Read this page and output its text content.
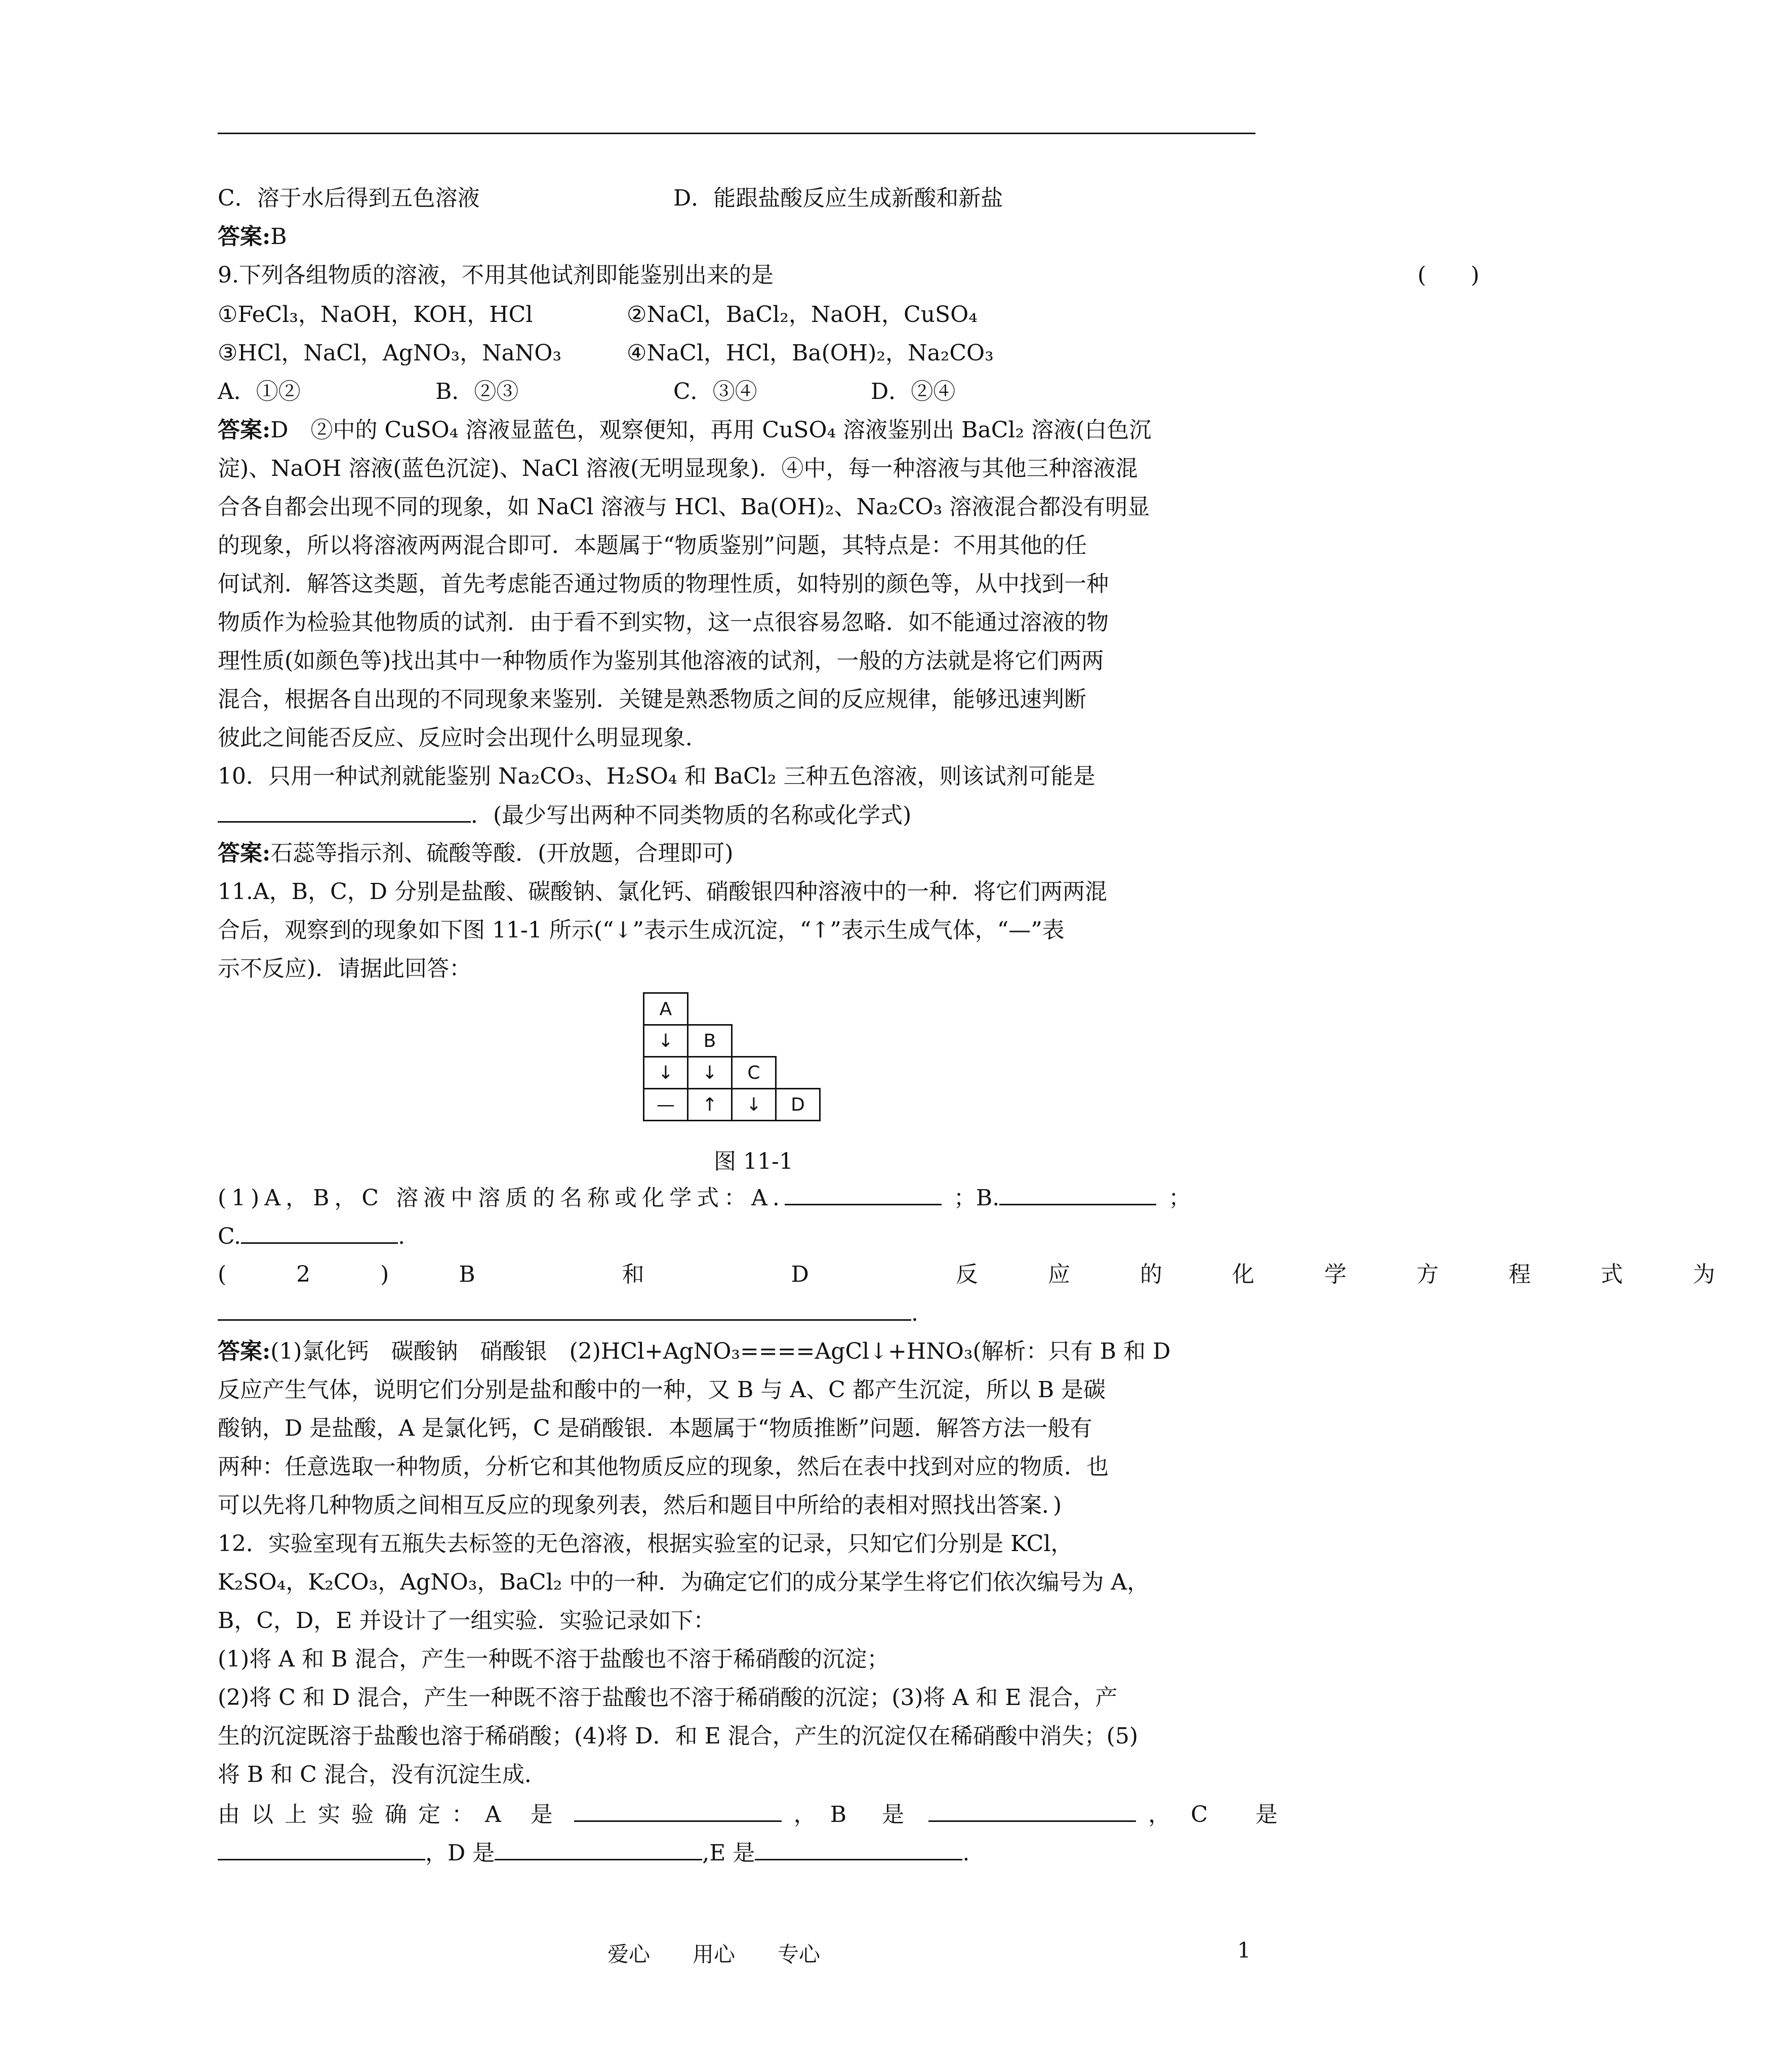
C．溶于水后得到五色溶液	D．能跟盐酸反应生成新酸和新盐
答案:B
9.下列各组物质的溶液，不用其他试剂即能鉴别出来的是	(　　)
①FeCl₃，NaOH，KOH，HCl	②NaCl，BaCl₂，NaOH，CuSO₄
③HCl，NaCl，AgNO₃，NaNO₃	④NaCl，HCl，Ba(OH)₂，Na₂CO₃
A．①②	B．②③	C．③④	D．②④
答案:D　②中的 CuSO₄ 溶液显蓝色，观察便知，再用 CuSO₄ 溶液鉴别出 BaCl₂ 溶液(白色沉
淀)、NaOH 溶液(蓝色沉淀)、NaCl 溶液(无明显现象)．④中，每一种溶液与其他三种溶液混
合各自都会出现不同的现象，如 NaCl 溶液与 HCl、Ba(OH)₂、Na₂CO₃ 溶液混合都没有明显
的现象，所以将溶液两两混合即可．本题属于“物质鉴别”问题，其特点是：不用其他的任
何试剂．解答这类题，首先考虑能否通过物质的物理性质，如特别的颜色等，从中找到一种
物质作为检验其他物质的试剂．由于看不到实物，这一点很容易忽略．如不能通过溶液的物
理性质(如颜色等)找出其中一种物质作为鉴别其他溶液的试剂，一般的方法就是将它们两两
混合，根据各自出现的不同现象来鉴别．关键是熟悉物质之间的反应规律，能够迅速判断
彼此之间能否反应、反应时会出现什么明显现象．
10．只用一种试剂就能鉴别 Na₂CO₃、H₂SO₄ 和 BaCl₂ 三种五色溶液，则该试剂可能是
．(最少写出两种不同类物质的名称或化学式)
答案:石蕊等指示剂、硫酸等酸．(开放题，合理即可)
11.A，B，C，D 分别是盐酸、碳酸钠、氯化钙、硝酸银四种溶液中的一种．将它们两两混
合后，观察到的现象如下图 11-1 所示(“↓”表示生成沉淀，“↑”表示生成气体，“—”表
示不反应)．请据此回答：
A
↓	B
↓	↓	C
—	↑	↓	D
图 11-1
(1)A，B，C 溶液中溶质的名称或化学式：A.	；B.	；
C.	.
(2)B 和 D 反应的化学方程式为
.
答案:(1)氯化钙　碳酸钠　硝酸银　(2)HCl+AgNO₃====AgCl↓+HNO₃(解析：只有 B 和 D
反应产生气体，说明它们分别是盐和酸中的一种，又 B 与 A、C 都产生沉淀，所以 B 是碳
酸钠，D 是盐酸，A 是氯化钙，C 是硝酸银．本题属于“物质推断”问题．解答方法一般有
两种：任意选取一种物质，分析它和其他物质反应的现象，然后在表中找到对应的物质．也
可以先将几种物质之间相互反应的现象列表，然后和题目中所给的表相对照找出答案．)
12．实验室现有五瓶失去标签的无色溶液，根据实验室的记录，只知它们分别是 KCl，
K₂SO₄，K₂CO₃，AgNO₃，BaCl₂ 中的一种．为确定它们的成分某学生将它们依次编号为 A，
B，C，D，E 并设计了一组实验．实验记录如下：
(1)将 A 和 B 混合，产生一种既不溶于盐酸也不溶于稀硝酸的沉淀；
(2)将 C 和 D 混合，产生一种既不溶于盐酸也不溶于稀硝酸的沉淀；(3)将 A 和 E 混合，产
生的沉淀既溶于盐酸也溶于稀硝酸；(4)将 D．和 E 混合，产生的沉淀仅在稀硝酸中消失；(5)
将 B 和 C 混合，没有沉淀生成．
由以上实验确定：A 是	，B 是	，C 是
，D 是	,E 是	.
爱心　　用心　　专心	1
